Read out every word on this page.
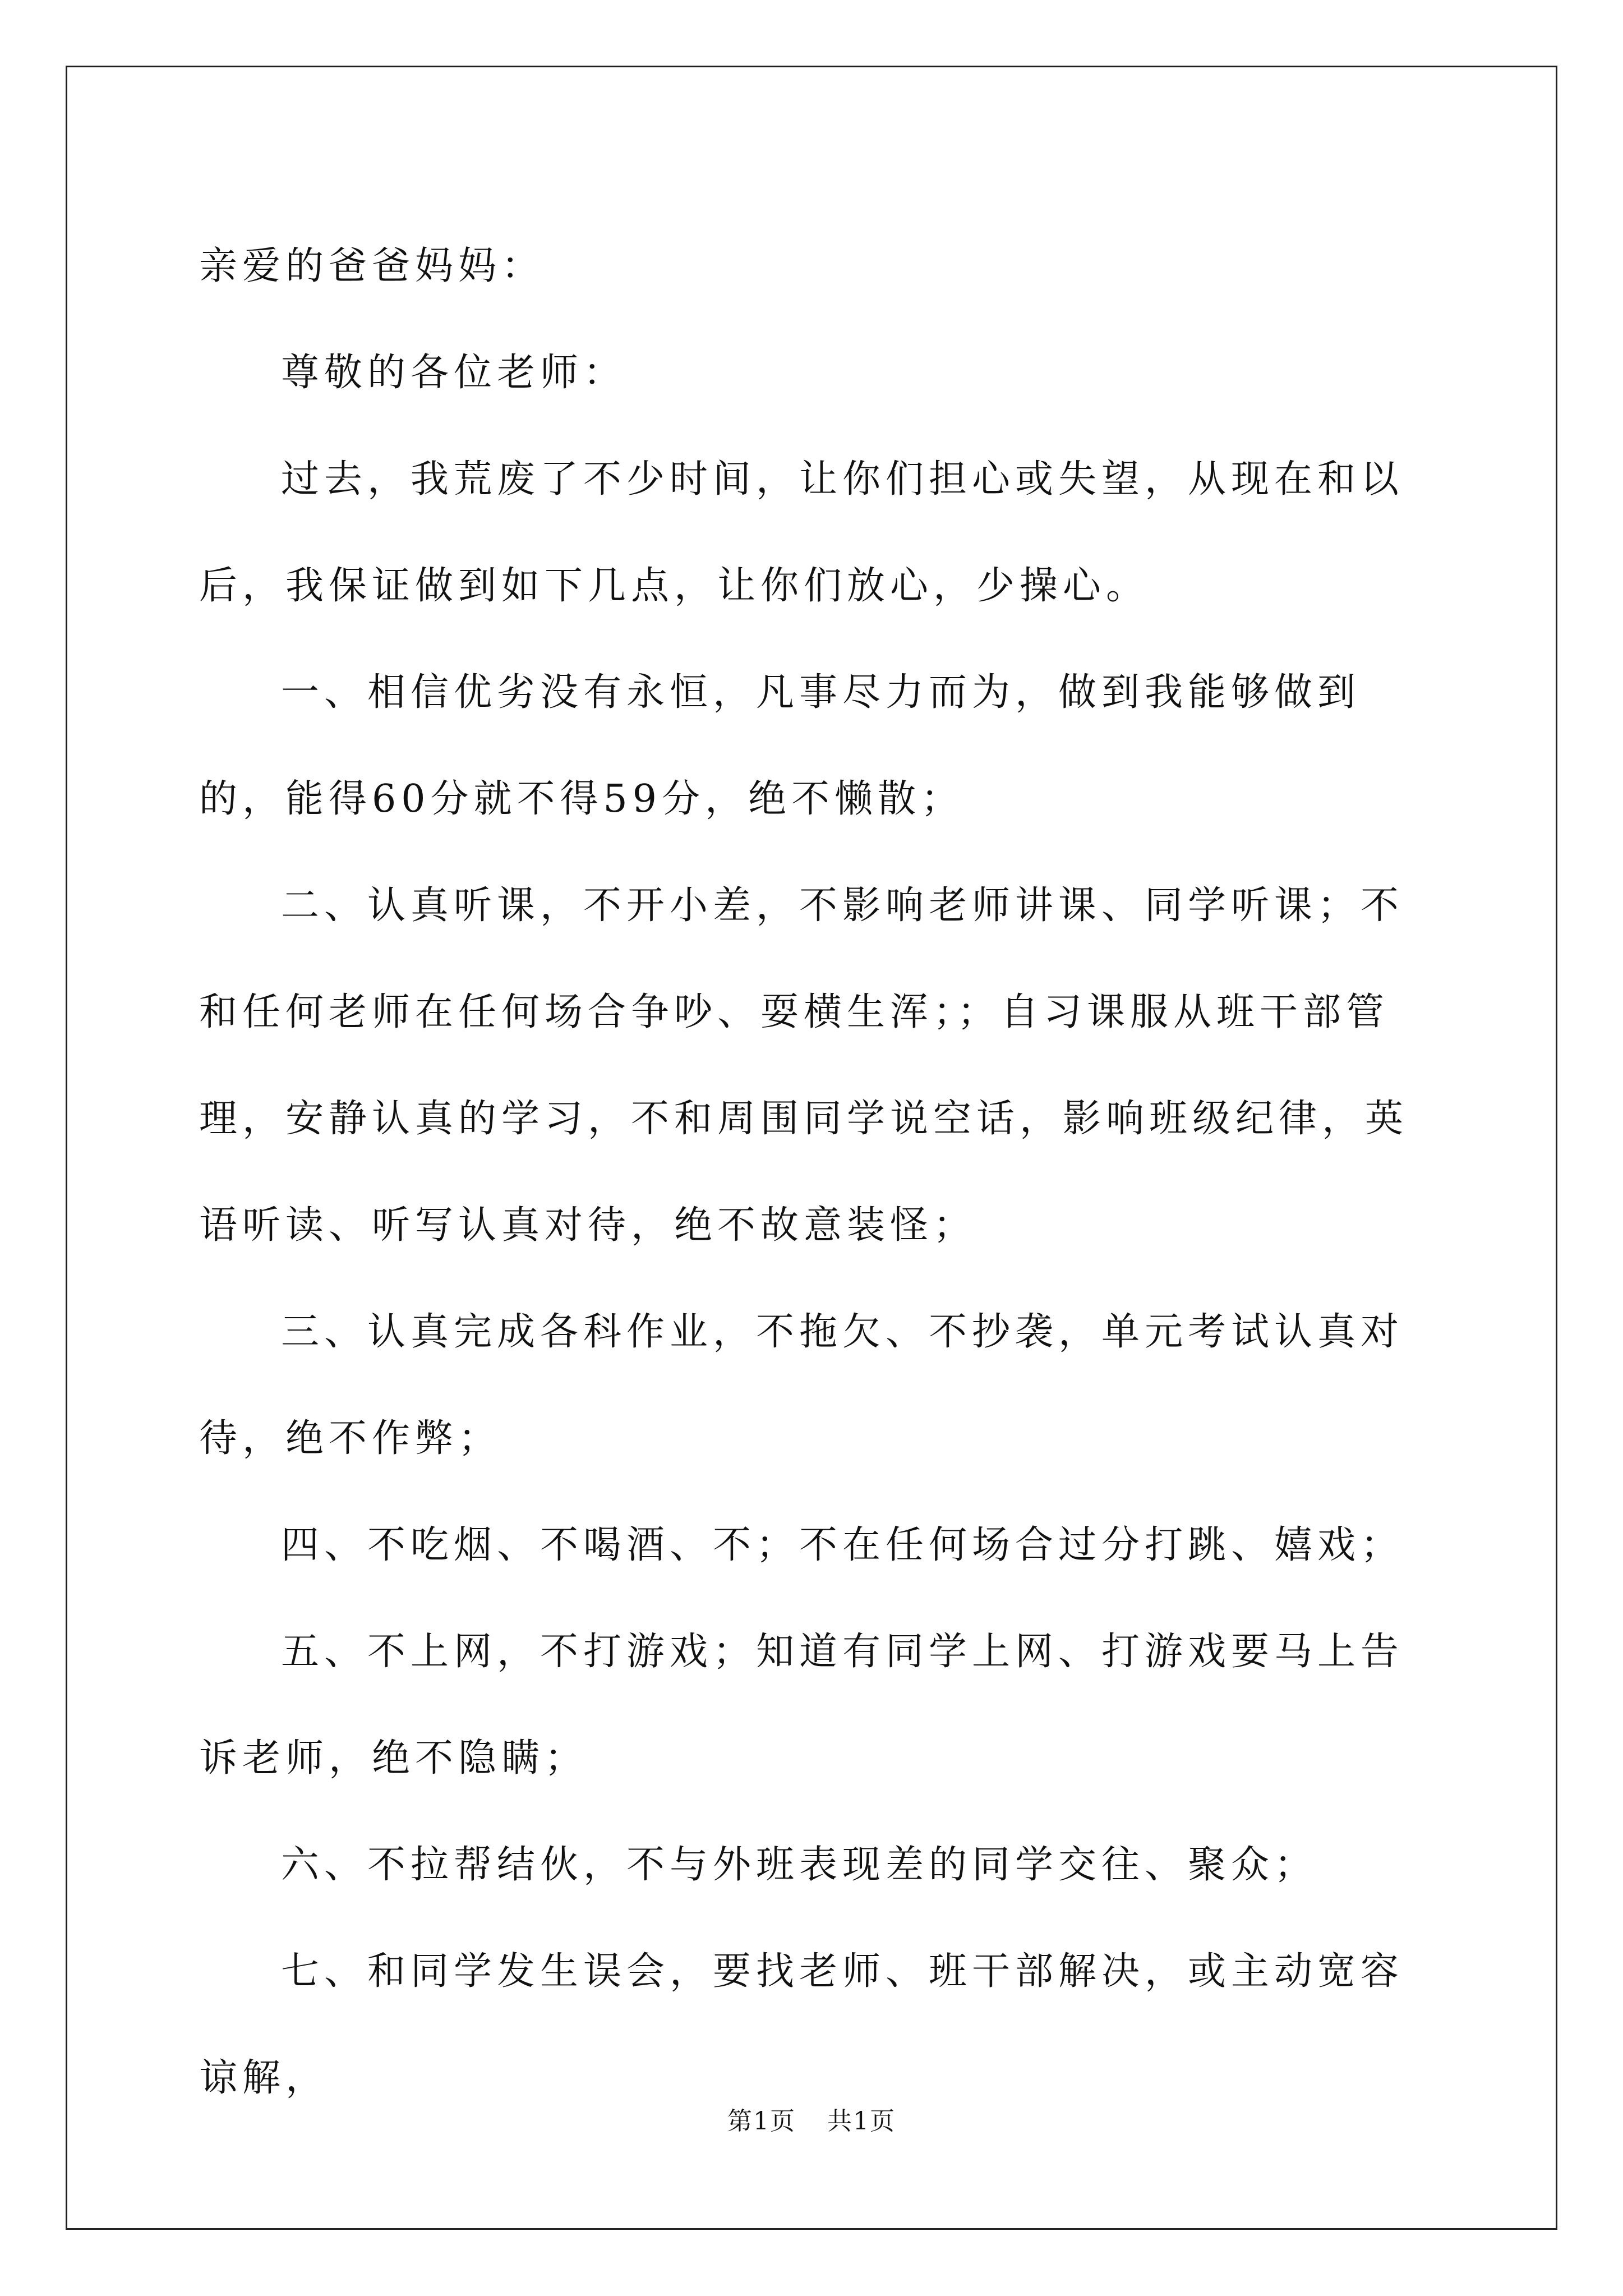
亲爱的爸爸妈妈：

尊敬的各位老师：

过去，我荒废了不少时间，让你们担心或失望，从现在和以后，我保证做到如下几点，让你们放心，少操心。

一、相信优劣没有永恒，凡事尽力而为，做到我能够做到的，能得60分就不得59分，绝不懒散；

二、认真听课，不开小差，不影响老师讲课、同学听课；不和任何老师在任何场合争吵、耍横生浑；；自习课服从班干部管理，安静认真的学习，不和周围同学说空话，影响班级纪律，英语听读、听写认真对待，绝不故意装怪；

三、认真完成各科作业，不拖欠、不抄袭，单元考试认真对待，绝不作弊；

四、不吃烟、不喝酒、不；不在任何场合过分打跳、嬉戏；

五、不上网，不打游戏；知道有同学上网、打游戏要马上告诉老师，绝不隐瞒；

六、不拉帮结伙，不与外班表现差的同学交往、聚众；

七、和同学发生误会，要找老师、班干部解决，或主动宽容谅解，

第1页 共1页
